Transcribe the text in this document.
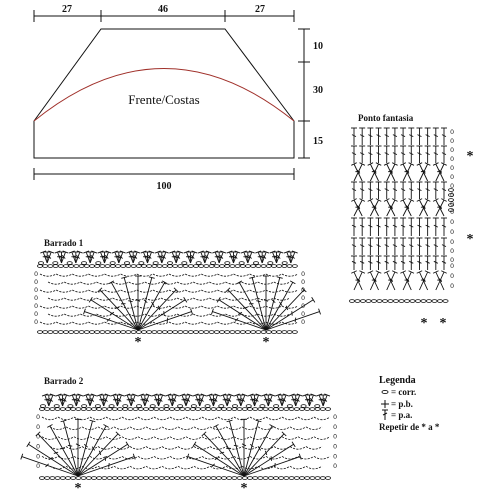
27	46	27
10
30
15
100
Frente/Costas
Ponto fantasia
Barrado 1
Barrado 2
0
0
0
0
0
0
0
0
0
0
0
0
0
0
0
0
0
0
*
*
* *
0	0
0	0
0	0
0	0
0	0
0	0
0	0
*	*
0	0
0	0
0	0
0	0
0	0
0	0
*	*
Legenda
= corr.
= p.b.
= p.a.
Repetir de * a *
